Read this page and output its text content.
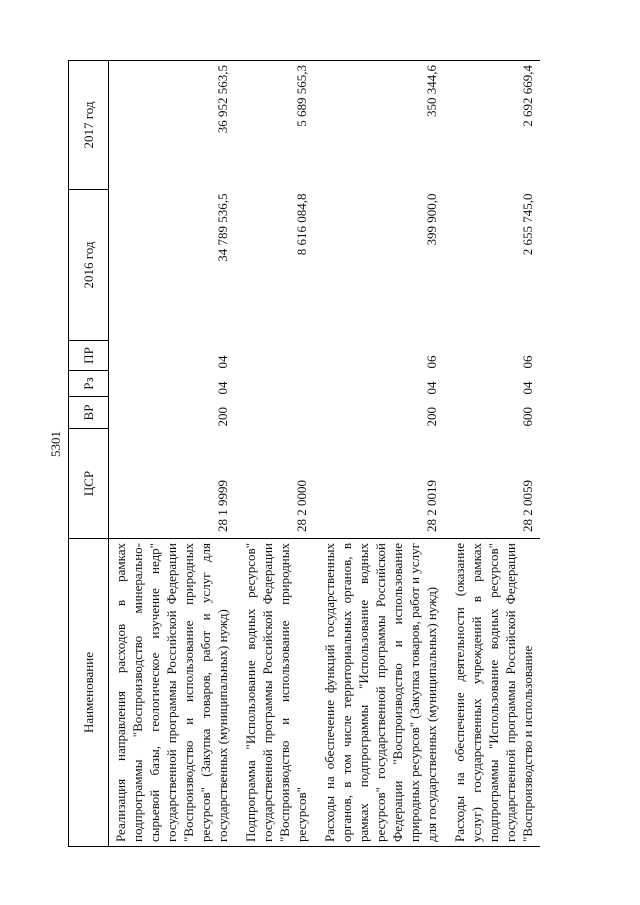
5301
Наименование	ЦСР	ВР	Рз	ПР	2016 год	2017 год
Реализация направления расходов в рамках подпрограммы "Воспроизводство минерально-сырьевой базы, геологическое изучение недр" государственной программы Российской Федерации "Воспроизводство и использование природных ресурсов" (Закупка товаров, работ и услуг для государственных (муниципальных) нужд)	28 1 9999	200	04	04	34 789 536,5	36 952 563,5

Подпрограмма "Использование водных ресурсов" государственной программы Российской Федерации "Воспроизводство и использование природных ресурсов"	28 2 0000				8 616 084,8	5 689 565,3

Расходы на обеспечение функций государственных органов, в том числе территориальных органов, в рамках подпрограммы "Использование водных ресурсов" государственной программы Российской Федерации "Воспроизводство и использование природных ресурсов" (Закупка товаров, работ и услуг для государственных (муниципальных) нужд)	28 2 0019	200	04	06	399 900,0	350 344,6

Расходы на обеспечение деятельности (оказание услуг) государственных учреждений в рамках подпрограммы "Использование водных ресурсов" государственной программы Российской Федерации "Воспроизводство и использование	28 2 0059	600	04	06	2 655 745,0	2 692 669,4
